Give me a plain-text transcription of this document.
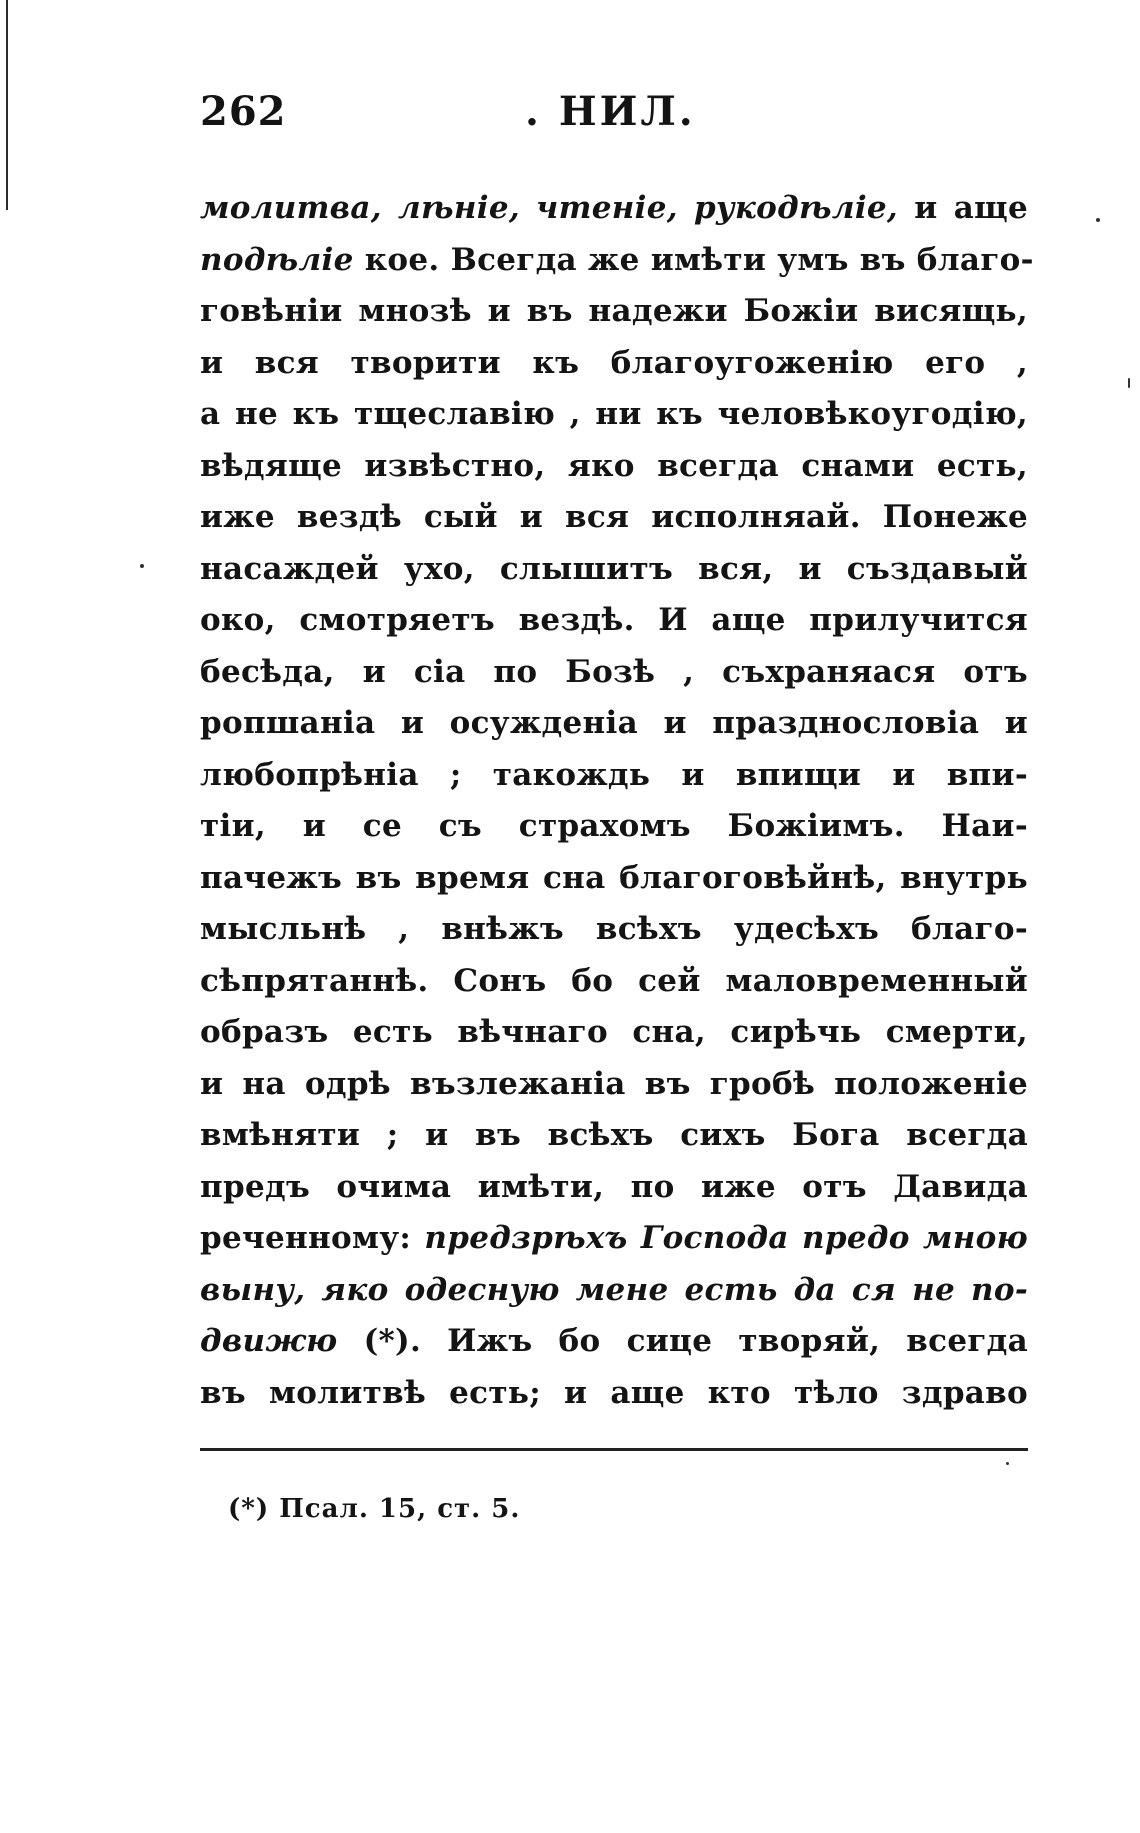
262	. НИЛ.
молитва, лѣніе, чтеніе, рукодѣліе, и аще
подѣліе кое. Всегда же имѣти умъ въ благо-
говѣніи мнозѣ и въ надежи Божіи висящь,
и вся творити къ благоугоженію его ,
а не къ тщеславію , ни къ человѣкоугодію,
вѣдяще извѣстно, яко всегда снами есть,
иже вездѣ сый и вся исполняай. Понеже
насаждей ухо, слышитъ вся, и създавый
око, смотряетъ вездѣ. И аще прилучится
бесѣда, и сіа по Бозѣ , съхраняася отъ
ропшаніа и осужденіа и празднословіа и
любопрѣніа ; такождь и впищи и впи-
тіи, и се съ страхомъ Божіимъ. Наи-
пачежъ въ время сна благоговѣйнѣ, внутрь
мысльнѣ , внѣжъ всѣхъ удесѣхъ благо-
сѣпрятаннѣ. Сонъ бо сей маловременный
образъ есть вѣчнаго сна, сирѣчь смерти,
и на одрѣ възлежаніа въ гробѣ положеніе
вмѣняти ; и въ всѣхъ сихъ Бога всегда
предъ очима имѣти, по иже отъ Давида
реченному: предзрѣхъ Господа предо мною
выну, яко одесную мене есть да ся не по-
движю (*). Ижъ бо сице творяй, всегда
въ молитвѣ есть; и аще кто тѣло здраво
(*) Псал. 15, ст. 5.
